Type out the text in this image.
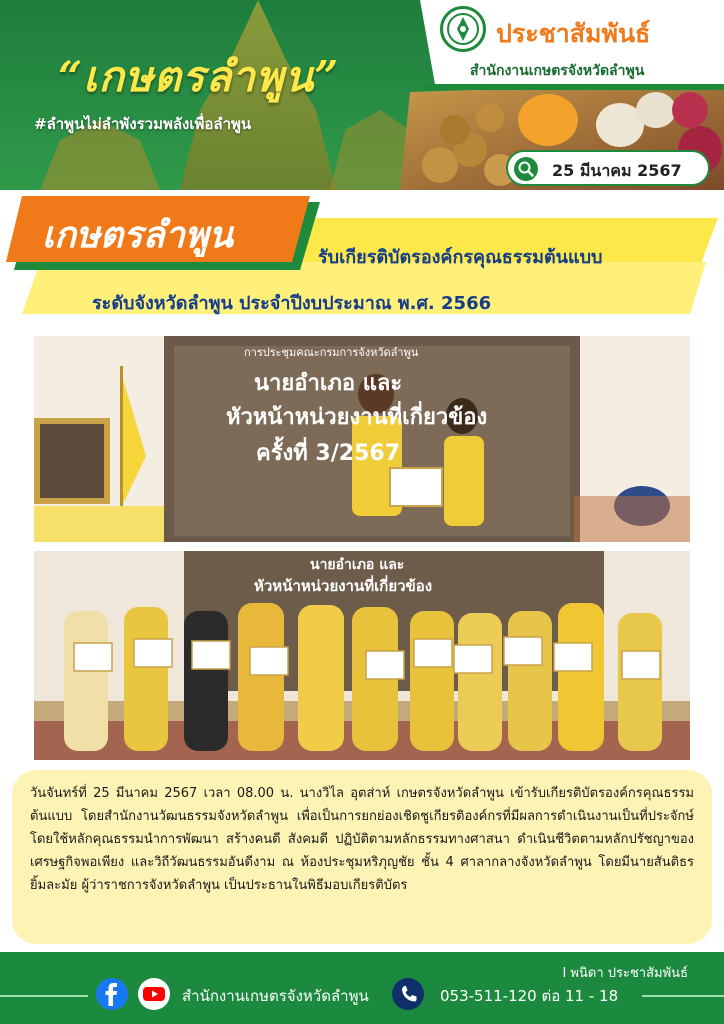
“เกษตรลำพูน”
#ลำพูนไม่ลำพังรวมพลังเพื่อลำพูน
ประชาสัมพันธ์
สำนักงานเกษตรจังหวัดลำพูน
25 มีนาคม 2567
เกษตรลำพูน
รับเกียรติบัตรองค์กรคุณธรรมต้นแบบ
ระดับจังหวัดลำพูน ประจำปีงบประมาณ พ.ศ. 2566
การประชุมคณะกรมการจังหวัดลำพูน
นายอำเภอ และ
หัวหน้าหน่วยงานที่เกี่ยวข้อง
ครั้งที่ 3/2567
นายอำเภอ และ
หัวหน้าหน่วยงานที่เกี่ยวข้อง

วันจันทร์ที่ 25 มีนาคม 2567 เวลา 08.00 น. นางวิไล อุตส่าห์ เกษตรจังหวัดลำพูน เข้ารับเกียรติบัตรองค์กรคุณธรรมต้นแบบ โดยสำนักงานวัฒนธรรมจังหวัดลำพูน เพื่อเป็นการยกย่องเชิดชูเกียรติองค์กรที่มีผลการดำเนินงานเป็นที่ประจักษ์ โดยใช้หลักคุณธรรมนำการพัฒนา สร้างคนดี สังคมดี ปฏิบัติตามหลักธรรมทางศาสนา ดำเนินชีวิตตามหลักปรัชญาของเศรษฐกิจพอเพียง และวิถีวัฒนธรรมอันดีงาม ณ ห้องประชุมหริภุญชัย ชั้น 4 ศาลากลางจังหวัดลำพูน โดยมีนายสันติธร ยิ้มละมัย ผู้ว่าราชการจังหวัดลำพูน เป็นประธานในพิธีมอบเกียรติบัตร

I พนิดา ประชาสัมพันธ์
สำนักงานเกษตรจังหวัดลำพูน	053-511-120 ต่อ 11 - 18
